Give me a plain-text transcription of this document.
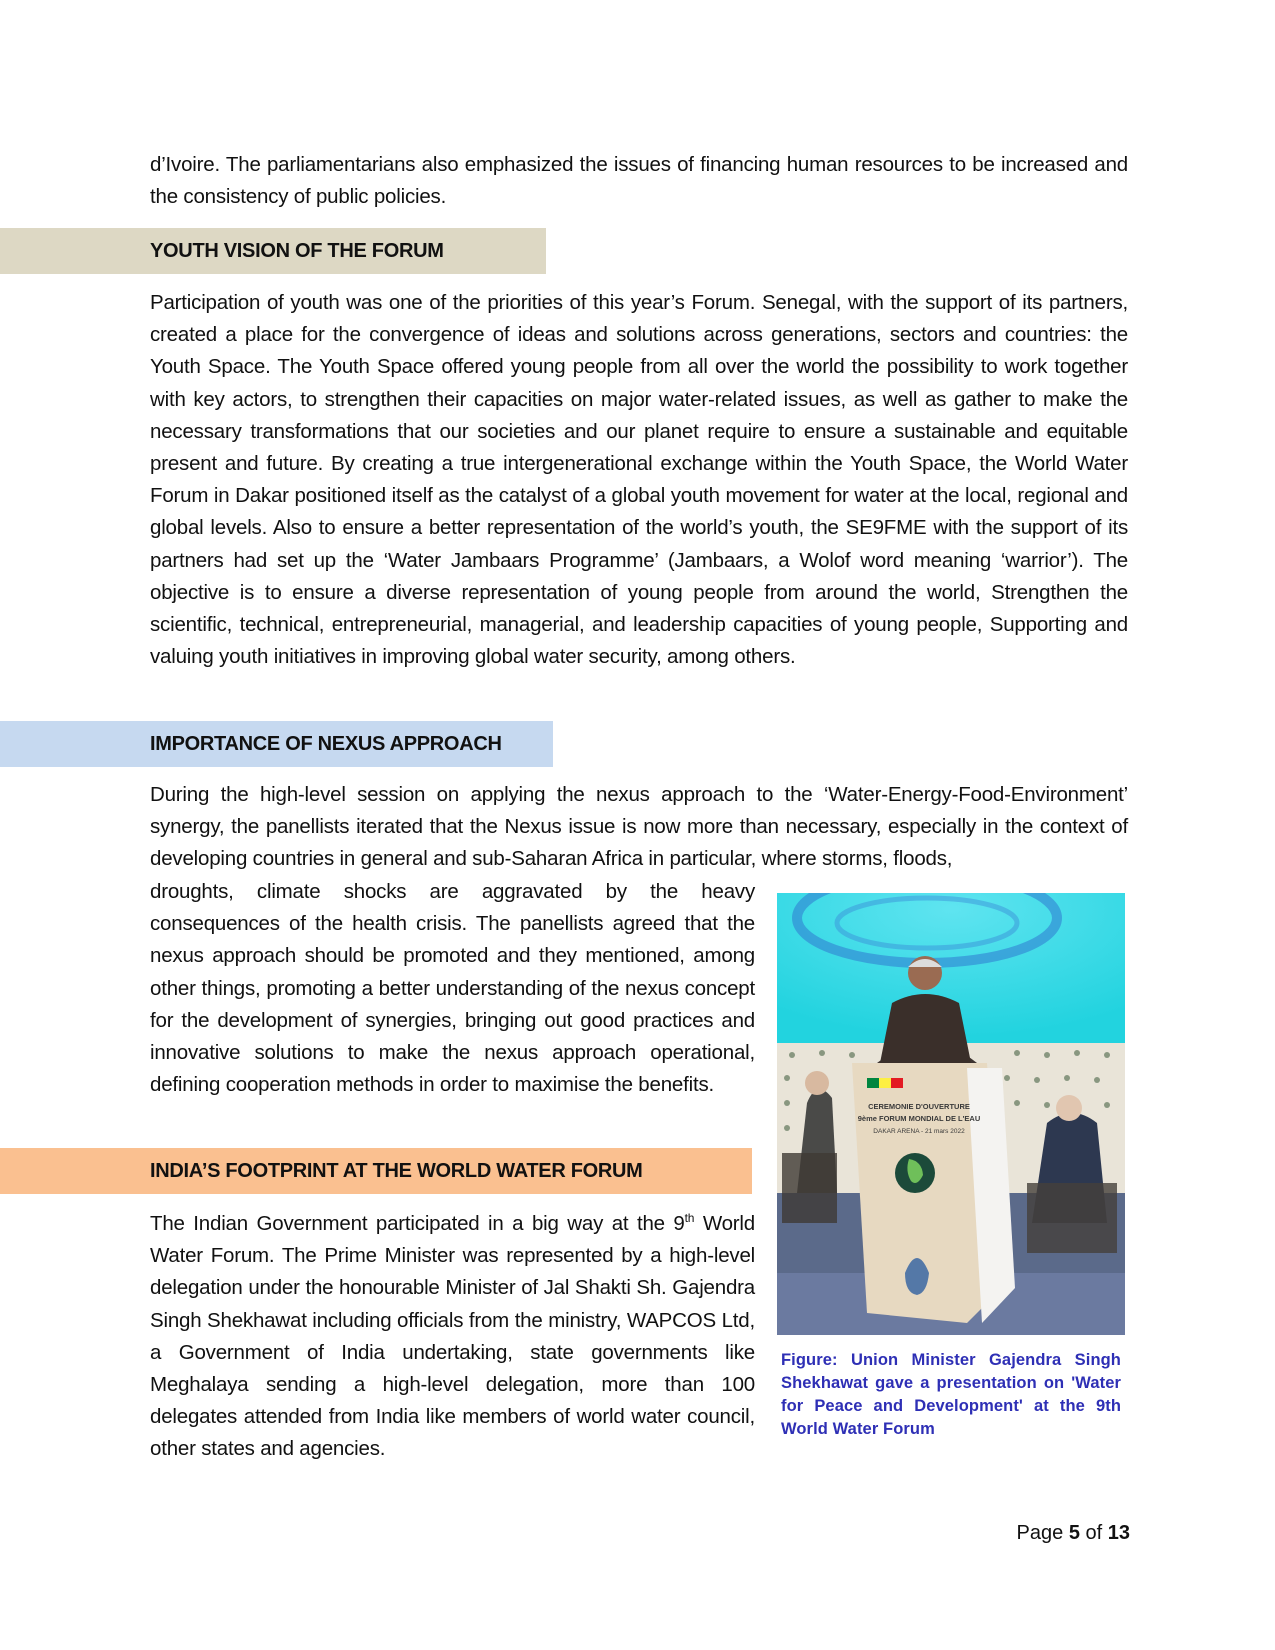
d’Ivoire. The parliamentarians also emphasized the issues of financing human resources to be increased and the consistency of public policies.
YOUTH VISION OF THE FORUM
Participation of youth was one of the priorities of this year’s Forum. Senegal, with the support of its partners, created a place for the convergence of ideas and solutions across generations, sectors and countries: the Youth Space. The Youth Space offered young people from all over the world the possibility to work together with key actors, to strengthen their capacities on major water-related issues, as well as gather to make the necessary transformations that our societies and our planet require to ensure a sustainable and equitable present and future. By creating a true intergenerational exchange within the Youth Space, the World Water Forum in Dakar positioned itself as the catalyst of a global youth movement for water at the local, regional and global levels. Also to ensure a better representation of the world’s youth, the SE9FME with the support of its partners had set up the ‘Water Jambaars Programme’ (Jambaars, a Wolof word meaning ‘warrior’). The objective is to ensure a diverse representation of young people from around the world, Strengthen the scientific, technical, entrepreneurial, managerial, and leadership capacities of young people, Supporting and valuing youth initiatives in improving global water security, among others.
IMPORTANCE OF NEXUS APPROACH
During the high-level session on applying the nexus approach to the ‘Water-Energy-Food-Environment’ synergy, the panellists iterated that the Nexus issue is now more than necessary, especially in the context of developing countries in general and sub-Saharan Africa in particular, where storms, floods,
droughts, climate shocks are aggravated by the heavy consequences of the health crisis. The panellists agreed that the nexus approach should be promoted and they mentioned, among other things, promoting a better understanding of the nexus concept for the development of synergies, bringing out good practices and innovative solutions to make the nexus approach operational, defining cooperation methods in order to maximise the benefits.
INDIA’S FOOTPRINT AT THE WORLD WATER FORUM
The Indian Government participated in a big way at the 9th World Water Forum. The Prime Minister was represented by a high-level delegation under the honourable Minister of Jal Shakti Sh. Gajendra Singh Shekhawat including officials from the ministry, WAPCOS Ltd, a Government of India undertaking, state governments like Meghalaya sending a high-level delegation, more than 100 delegates attended from India like members of world water council, other states and agencies.
CEREMONIE D'OUVERTURE
9ème FORUM MONDIAL DE L'EAU
DAKAR ARENA - 21 mars 2022
Figure: Union Minister Gajendra Singh Shekhawat gave a presentation on 'Water for Peace and Development' at the 9th World Water Forum
Page 5 of 13
